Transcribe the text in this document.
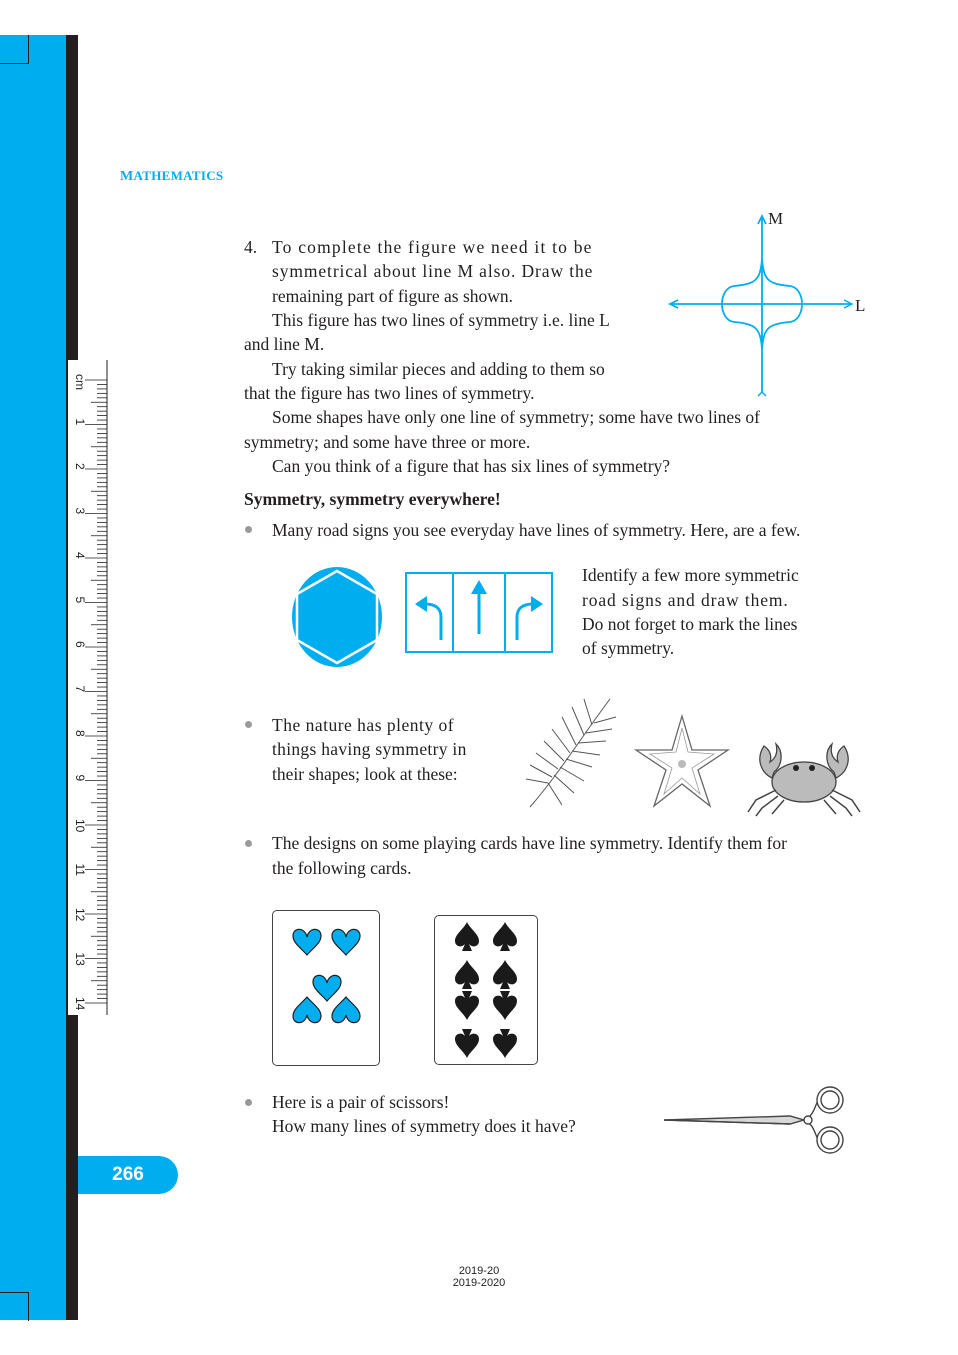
cm
1
2
3
4
5
6
7
8
9
10
11
12
13
14
MATHEMATICS
4. To complete the figure we need it to be
symmetrical about line M also. Draw the
remaining part of figure as shown.
This figure has two lines of symmetry i.e. line L
and line M.
Try taking similar pieces and adding to them so
that the figure has two lines of symmetry.
Some shapes have only one line of symmetry; some have two lines of
symmetry; and some have three or more.
Can you think of a figure that has six lines of symmetry?
M
L
Symmetry, symmetry everywhere!
Many road signs you see everyday have lines of symmetry. Here, are a few.
Identify a few more symmetric
road signs and draw them.
Do not forget to mark the lines
of symmetry.
The nature has plenty of
things having symmetry in
their shapes; look at these:
The designs on some playing cards have line symmetry. Identify them for
the following cards.
Here is a pair of scissors!
How many lines of symmetry does it have?
266
2019-20
2019-2020
